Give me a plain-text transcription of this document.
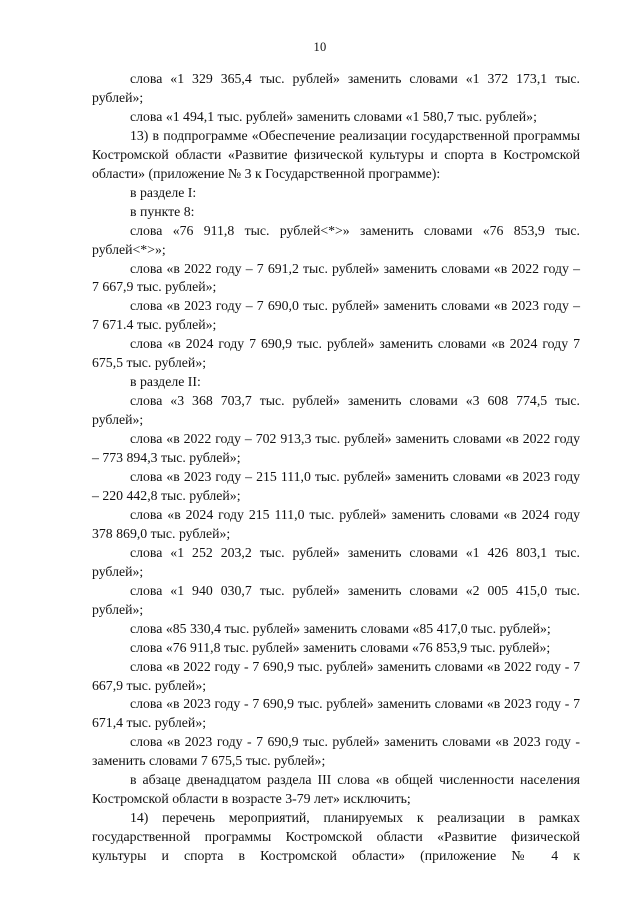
10

слова «1 329 365,4 тыс. рублей» заменить словами «1 372 173,1 тыс. рублей»;

слова «1 494,1 тыс. рублей» заменить словами «1 580,7 тыс. рублей»;

13) в подпрограмме «Обеспечение реализации государственной программы Костромской области «Развитие физической культуры и спорта в Костромской области» (приложение № 3 к Государственной программе):

в разделе I:

в пункте 8:

слова «76 911,8 тыс. рублей<*>» заменить словами «76 853,9 тыс. рублей<*>»;

слова «в 2022 году – 7 691,2 тыс. рублей» заменить словами «в 2022 году – 7 667,9 тыс. рублей»;

слова «в 2023 году – 7 690,0 тыс. рублей» заменить словами «в 2023 году – 7 671.4 тыс. рублей»;

слова «в 2024 году 7 690,9 тыс. рублей» заменить словами «в 2024 году 7 675,5 тыс. рублей»;

в разделе II:

слова «3 368 703,7 тыс. рублей» заменить словами «3 608 774,5 тыс. рублей»;

слова «в 2022 году – 702 913,3 тыс. рублей» заменить словами «в 2022 году – 773 894,3 тыс. рублей»;

слова «в 2023 году – 215 111,0 тыс. рублей» заменить словами «в 2023 году – 220 442,8 тыс. рублей»;

слова «в 2024 году 215 111,0 тыс. рублей» заменить словами «в 2024 году 378 869,0 тыс. рублей»;

слова «1 252 203,2 тыс. рублей» заменить словами «1 426 803,1 тыс. рублей»;

слова «1 940 030,7 тыс. рублей» заменить словами «2 005 415,0 тыс. рублей»;

слова «85 330,4 тыс. рублей» заменить словами «85 417,0 тыс. рублей»;

слова «76 911,8 тыс. рублей» заменить словами «76 853,9 тыс. рублей»;

слова «в 2022 году - 7 690,9 тыс. рублей» заменить словами «в 2022 году - 7 667,9 тыс. рублей»;

слова «в 2023 году - 7 690,9 тыс. рублей» заменить словами «в 2023 году - 7 671,4 тыс. рублей»;

слова «в 2023 году - 7 690,9 тыс. рублей» заменить словами «в 2023 году - заменить словами 7 675,5 тыс. рублей»;

в абзаце двенадцатом раздела III слова «в общей численности населения Костромской области в возрасте 3-79 лет» исключить;

14) перечень мероприятий, планируемых к реализации в рамках государственной программы Костромской области «Развитие физической культуры и спорта в Костромской области» (приложение № 4 к
